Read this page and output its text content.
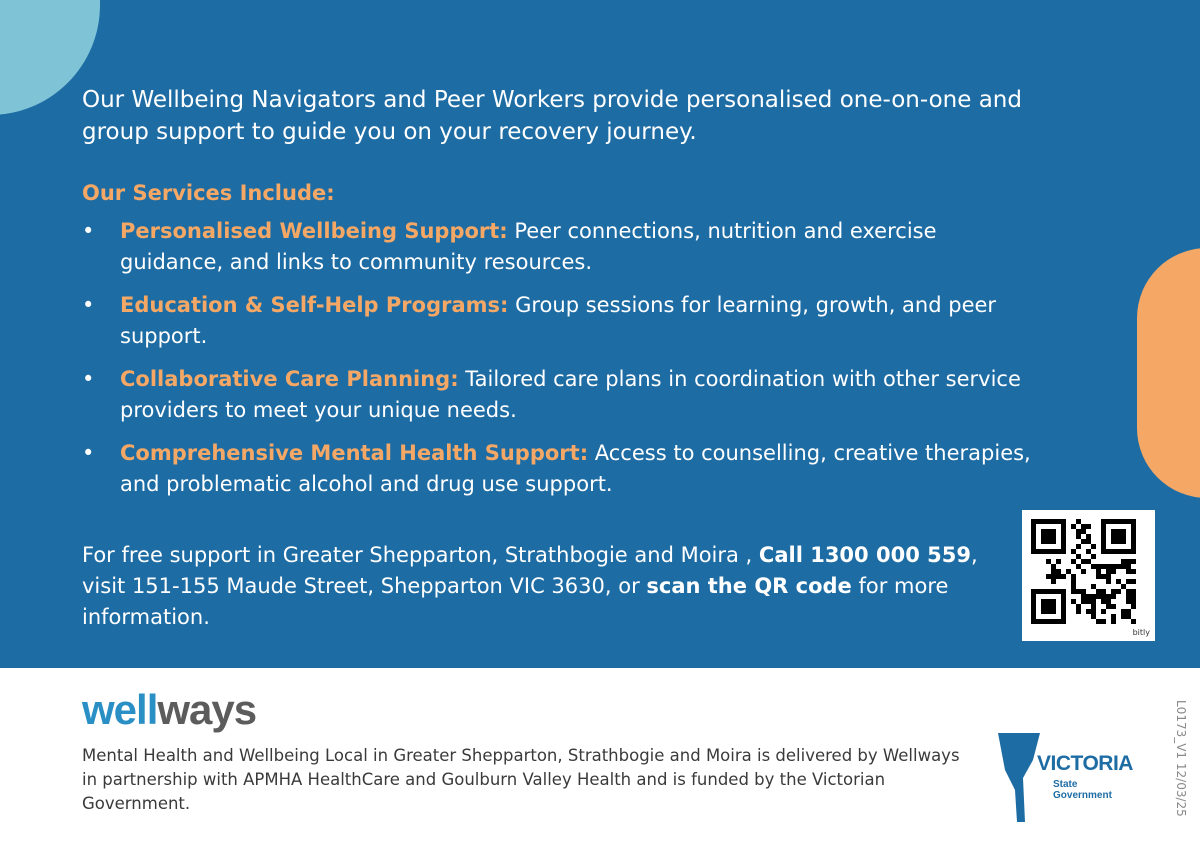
Our Wellbeing Navigators and Peer Workers provide personalised one-on-one and group support to guide you on your recovery journey.
Our Services Include:
• Personalised Wellbeing Support: Peer connections, nutrition and exercise guidance, and links to community resources.
• Education & Self-Help Programs: Group sessions for learning, growth, and peer support.
• Collaborative Care Planning: Tailored care plans in coordination with other service providers to meet your unique needs.
• Comprehensive Mental Health Support: Access to counselling, creative therapies, and problematic alcohol and drug use support.
For free support in Greater Shepparton, Strathbogie and Moira , Call 1300 000 559, visit 151-155 Maude Street, Shepparton VIC 3630, or scan the QR code for more information.
bitly
wellways
Mental Health and Wellbeing Local in Greater Shepparton, Strathbogie and Moira is delivered by Wellways in partnership with APMHA HealthCare and Goulburn Valley Health and is funded by the Victorian Government.
VICTORIA
State
Government	L0173_V1 12/03/25
